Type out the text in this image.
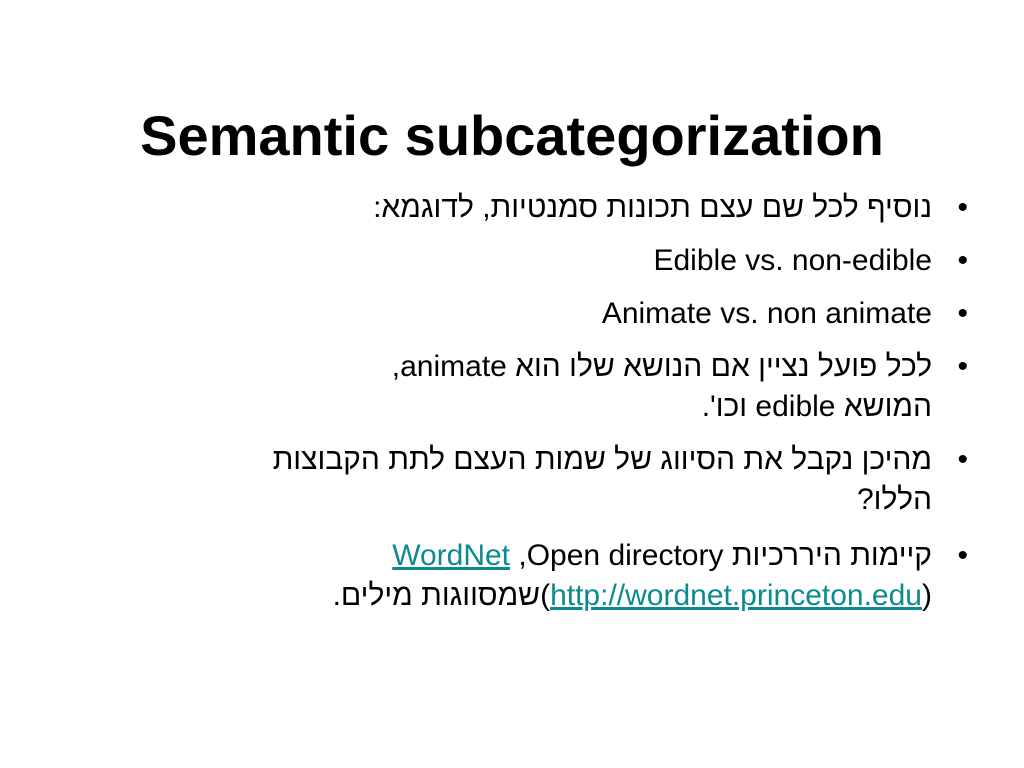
Semantic subcategorization
•
נוסיף לכל שם עצם תכונות סמנטיות, לדוגמא:
•
Edible vs. non-edible
•
Animate vs. non animate
•
לכל פועל נציין אם הנושא שלו הוא animate,
המושא edible וכו'.
•
מהיכן נקבל את הסיווג של שמות העצם לתת הקבוצות
הללו?
•
קיימות היררכיות Open directory, WordNet
(http://wordnet.princeton.edu)שמסווגות מילים.
